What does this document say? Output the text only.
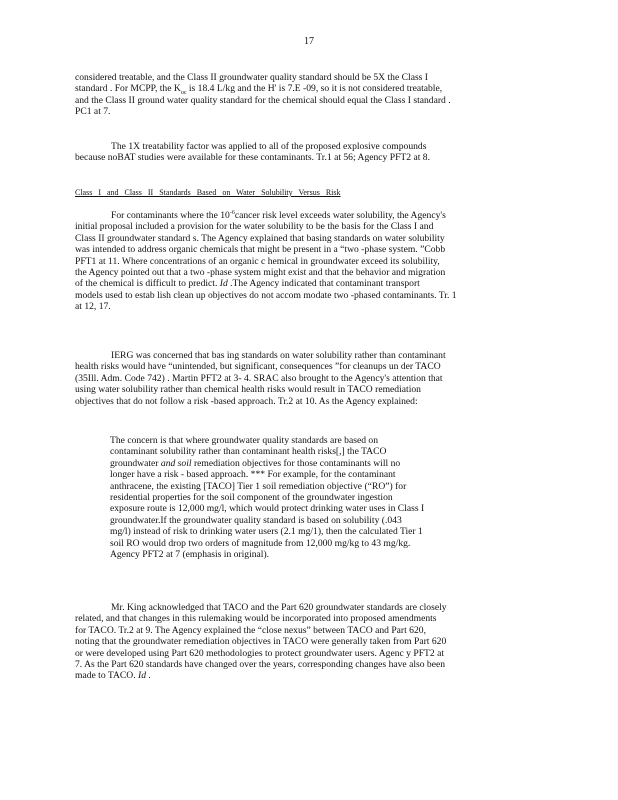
17

considered treatable, and the Class II groundwater quality standard should be 5X the Class I

standard . For MCPP, the $K_{oc}$ is 18.4 L/kg and the H' is 7.E -09, so it is not considered treatable,

and the Class II ground water quality standard for the chemical should equal the Class I standard .

PC1 at 7.

The 1X treatability factor was applied to all of the proposed explosive compounds

because noBAT studies were available for these contaminants. Tr.1 at 56; Agency PFT2 at 8.

Class I and Class II Standards Based on Water Solubility Versus Risk

For contaminants where the $10^{-6}cancer$ risk level exceeds water solubility, the Agency's

initial proposal included a provision for the water solubility to be the basis for the Class I and

Class II groundwater standard s. The Agency explained that basing standards on water solubility

was intended to address organic chemicals that might be present in a “two -phase system. ”Cobb

PFT1 at 11. Where concentrations of an organic c hemical in groundwater exceed its solubility,

the Agency pointed out that a two -phase system might exist and that the behavior and migration

of the chemical is difficult to predict. Id .The Agency indicated that contaminant transport

models used to estab lish clean up objectives do not accom modate two -phased contaminants. Tr. 1

at 12, 17.

IERG was concerned that bas ing standards on water solubility rather than contaminant

health risks would have “unintended, but significant, consequences ”for cleanups un der TACO

(35Ill. Adm. Code 742) . Martin PFT2 at 3- 4. SRAC also brought to the Agency's attention that

using water solubility rather than chemical health risks would result in TACO remediation

objectives that do not follow a risk -based approach. Tr.2 at 10. As the Agency explained:

The concern is that where groundwater quality standards are based on

contaminant solubility rather than contaminant health risks[,] the TACO

groundwater and soil remediation objectives for those contaminants will no

longer have a risk - based approach. *** For example, for the contaminant

anthracene, the existing [TACO] Tier 1 soil remediation objective (“RO”) for

residential properties for the soil component of the groundwater ingestion

exposure route is 12,000 mg/l, which would protect drinking water uses in Class I

groundwater.If the groundwater quality standard is based on solubility (.043

mg/l) instead of risk to drinking water users (2.1 mg/1), then the calculated Tier 1

soil RO would drop two orders of magnitude from 12,000 mg/kg to 43 mg/kg.

Agency PFT2 at 7 (emphasis in original).

Mr. King acknowledged that TACO and the Part 620 groundwater standards are closely

related, and that changes in this rulemaking would be incorporated into proposed amendments

for TACO. Tr.2 at 9. The Agency explained the “close nexus” between TACO and Part 620,

noting that the groundwater remediation objectives in TACO were generally taken from Part 620

or were developed using Part 620 methodologies to protect groundwater users. Agenc y PFT2 at

7. As the Part 620 standards have changed over the years, corresponding changes have also been

made to TACO. Id .
